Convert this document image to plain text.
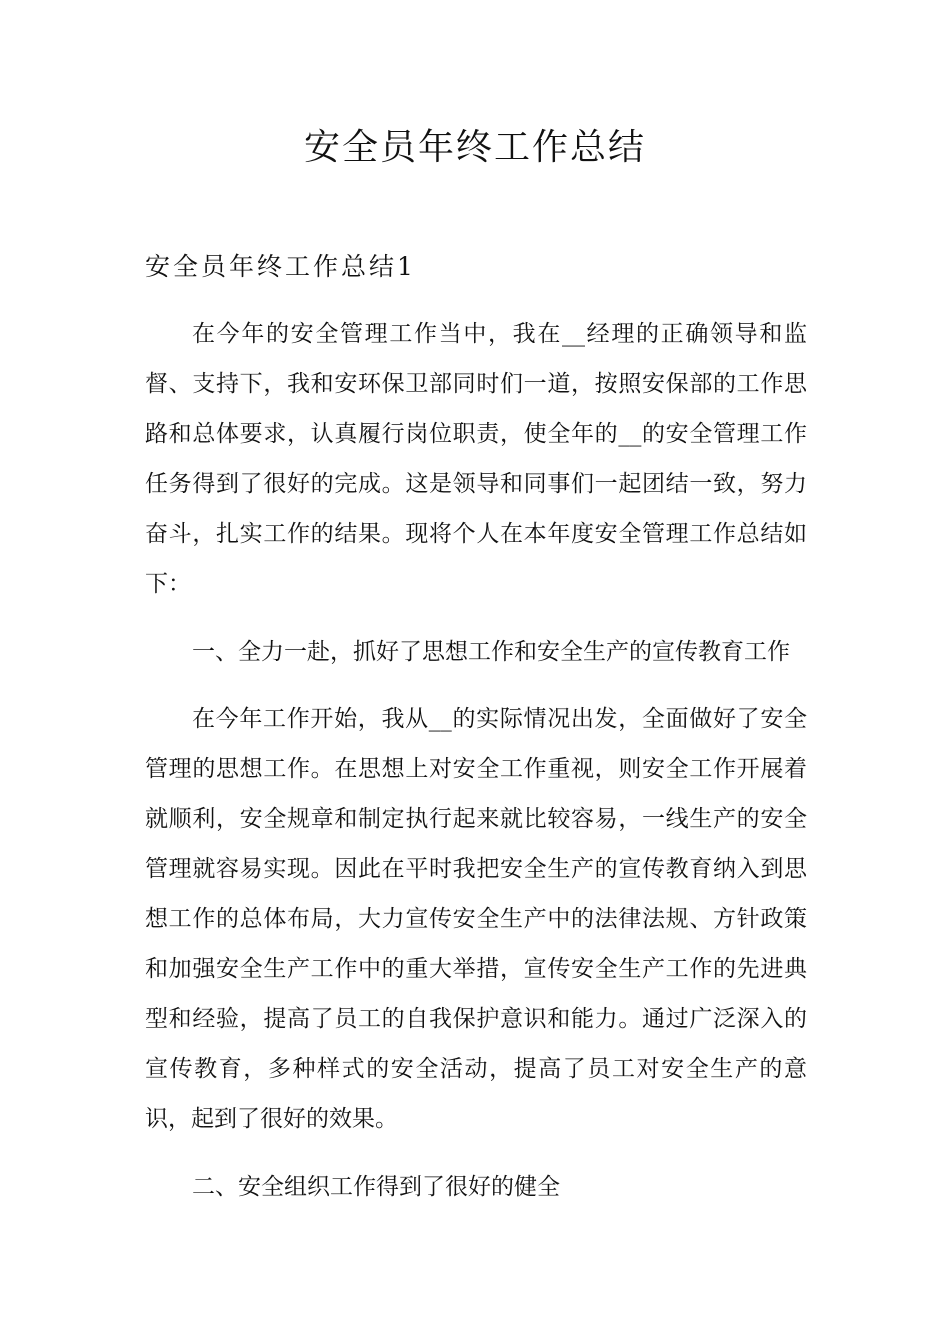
安全员年终工作总结
安全员年终工作总结1

在今年的安全管理工作当中，我在__经理的正确领导和监督、支持下，我和安环保卫部同时们一道，按照安保部的工作思路和总体要求，认真履行岗位职责，使全年的__的安全管理工作任务得到了很好的完成。这是领导和同事们一起团结一致，努力奋斗，扎实工作的结果。现将个人在本年度安全管理工作总结如下：

一、全力一赴，抓好了思想工作和安全生产的宣传教育工作

在今年工作开始，我从__的实际情况出发，全面做好了安全管理的思想工作。在思想上对安全工作重视，则安全工作开展着就顺利，安全规章和制定执行起来就比较容易，一线生产的安全管理就容易实现。因此在平时我把安全生产的宣传教育纳入到思想工作的总体布局，大力宣传安全生产中的法律法规、方针政策和加强安全生产工作中的重大举措，宣传安全生产工作的先进典型和经验，提高了员工的自我保护意识和能力。通过广泛深入的宣传教育，多种样式的安全活动，提高了员工对安全生产的意识，起到了很好的效果。

二、安全组织工作得到了很好的健全
